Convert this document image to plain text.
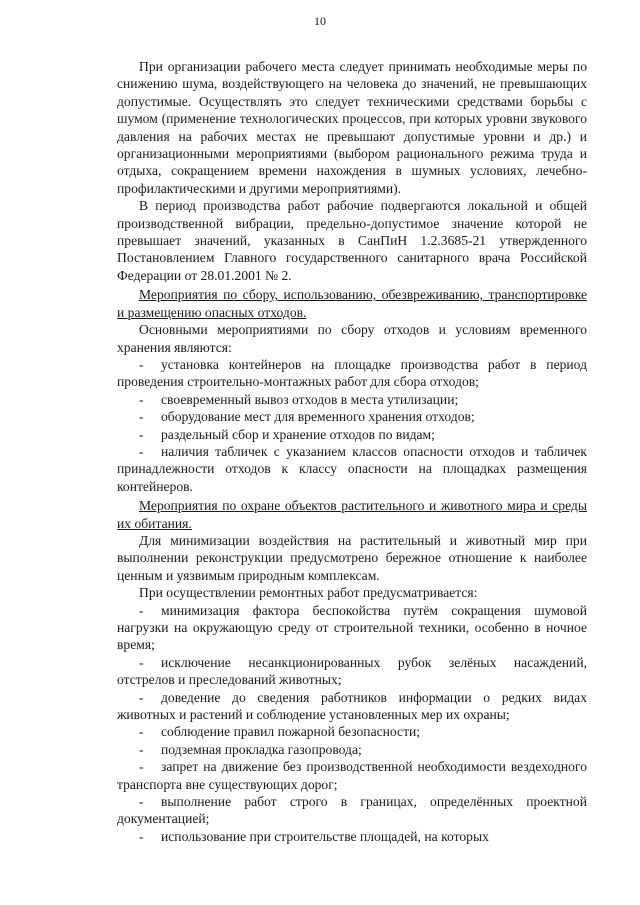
10

При организации рабочего места следует принимать необходимые меры по снижению шума, воздействующего на человека до значений, не превышающих допустимые. Осуществлять это следует техническими средствами борьбы с шумом (применение технологических процессов, при которых уровни звукового давления на рабочих местах не превышают допустимые уровни и др.) и организационными мероприятиями (выбором рационального режима труда и отдыха, сокращением времени нахождения в шумных условиях, лечебно-профилактическими и другими мероприятиями).

В период производства работ рабочие подвергаются локальной и общей производственной вибрации, предельно-допустимое значение которой не превышает значений, указанных в СанПиН 1.2.3685-21 утвержденного Постановлением Главного государственного санитарного врача Российской Федерации от 28.01.2001 № 2.

Мероприятия по сбору, использованию, обезвреживанию, транспортировке и размещению опасных отходов.

Основными мероприятиями по сбору отходов и условиям временного хранения являются:

- установка контейнеров на площадке производства работ в период проведения строительно-монтажных работ для сбора отходов;

- своевременный вывоз отходов в места утилизации;

- оборудование мест для временного хранения отходов;

- раздельный сбор и хранение отходов по видам;

- наличия табличек с указанием классов опасности отходов и табличек принадлежности отходов к классу опасности на площадках размещения контейнеров.

Мероприятия по охране объектов растительного и животного мира и среды их обитания.

Для минимизации воздействия на растительный и животный мир при выполнении реконструкции предусмотрено бережное отношение к наиболее ценным и уязвимым природным комплексам.

При осуществлении ремонтных работ предусматривается:

- минимизация фактора беспокойства путём сокращения шумовой нагрузки на окружающую среду от строительной техники, особенно в ночное время;

- исключение несанкционированных рубок зелёных насаждений, отстрелов и преследований животных;

- доведение до сведения работников информации о редких видах животных и растений и соблюдение установленных мер их охраны;

- соблюдение правил пожарной безопасности;

- подземная прокладка газопровода;

- запрет на движение без производственной необходимости вездеходного транспорта вне существующих дорог;

- выполнение работ строго в границах, определённых проектной документацией;

- использование при строительстве площадей, на которых
